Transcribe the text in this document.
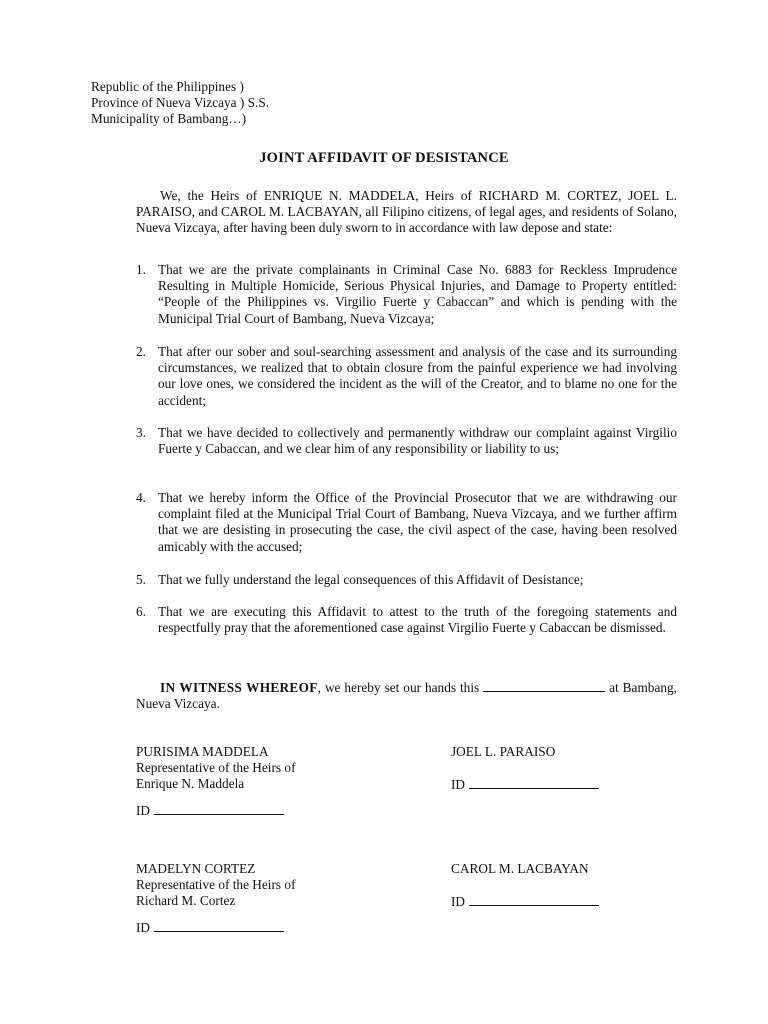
Republic of the Philippines )
Province of Nueva Vizcaya ) S.S.
Municipality of Bambang…)
JOINT AFFIDAVIT OF DESISTANCE
We, the Heirs of ENRIQUE N. MADDELA, Heirs of RICHARD M. CORTEZ, JOEL L. PARAISO, and CAROL M. LACBAYAN, all Filipino citizens, of legal ages, and residents of Solano, Nueva Vizcaya, after having been duly sworn to in accordance with law depose and state:
1. That we are the private complainants in Criminal Case No. 6883 for Reckless Imprudence Resulting in Multiple Homicide, Serious Physical Injuries, and Damage to Property entitled: “People of the Philippines vs. Virgilio Fuerte y Cabaccan” and which is pending with the Municipal Trial Court of Bambang, Nueva Vizcaya;
2. That after our sober and soul-searching assessment and analysis of the case and its surrounding circumstances, we realized that to obtain closure from the painful experience we had involving our love ones, we considered the incident as the will of the Creator, and to blame no one for the accident;
3. That we have decided to collectively and permanently withdraw our complaint against Virgilio Fuerte y Cabaccan, and we clear him of any responsibility or liability to us;
4. That we hereby inform the Office of the Provincial Prosecutor that we are withdrawing our complaint filed at the Municipal Trial Court of Bambang, Nueva Vizcaya, and we further affirm that we are desisting in prosecuting the case, the civil aspect of the case, having been resolved amicably with the accused;
5. That we fully understand the legal consequences of this Affidavit of Desistance;
6. That we are executing this Affidavit to attest to the truth of the foregoing statements and respectfully pray that the aforementioned case against Virgilio Fuerte y Cabaccan be dismissed.
IN WITNESS WHEREOF, we hereby set our hands this	at Bambang, Nueva Vizcaya.
PURISIMA MADDELA
Representative of the Heirs of
Enrique N. Maddela
ID
JOEL L. PARAISO
ID
MADELYN CORTEZ
Representative of the Heirs of
Richard M. Cortez
ID
CAROL M. LACBAYAN
ID
